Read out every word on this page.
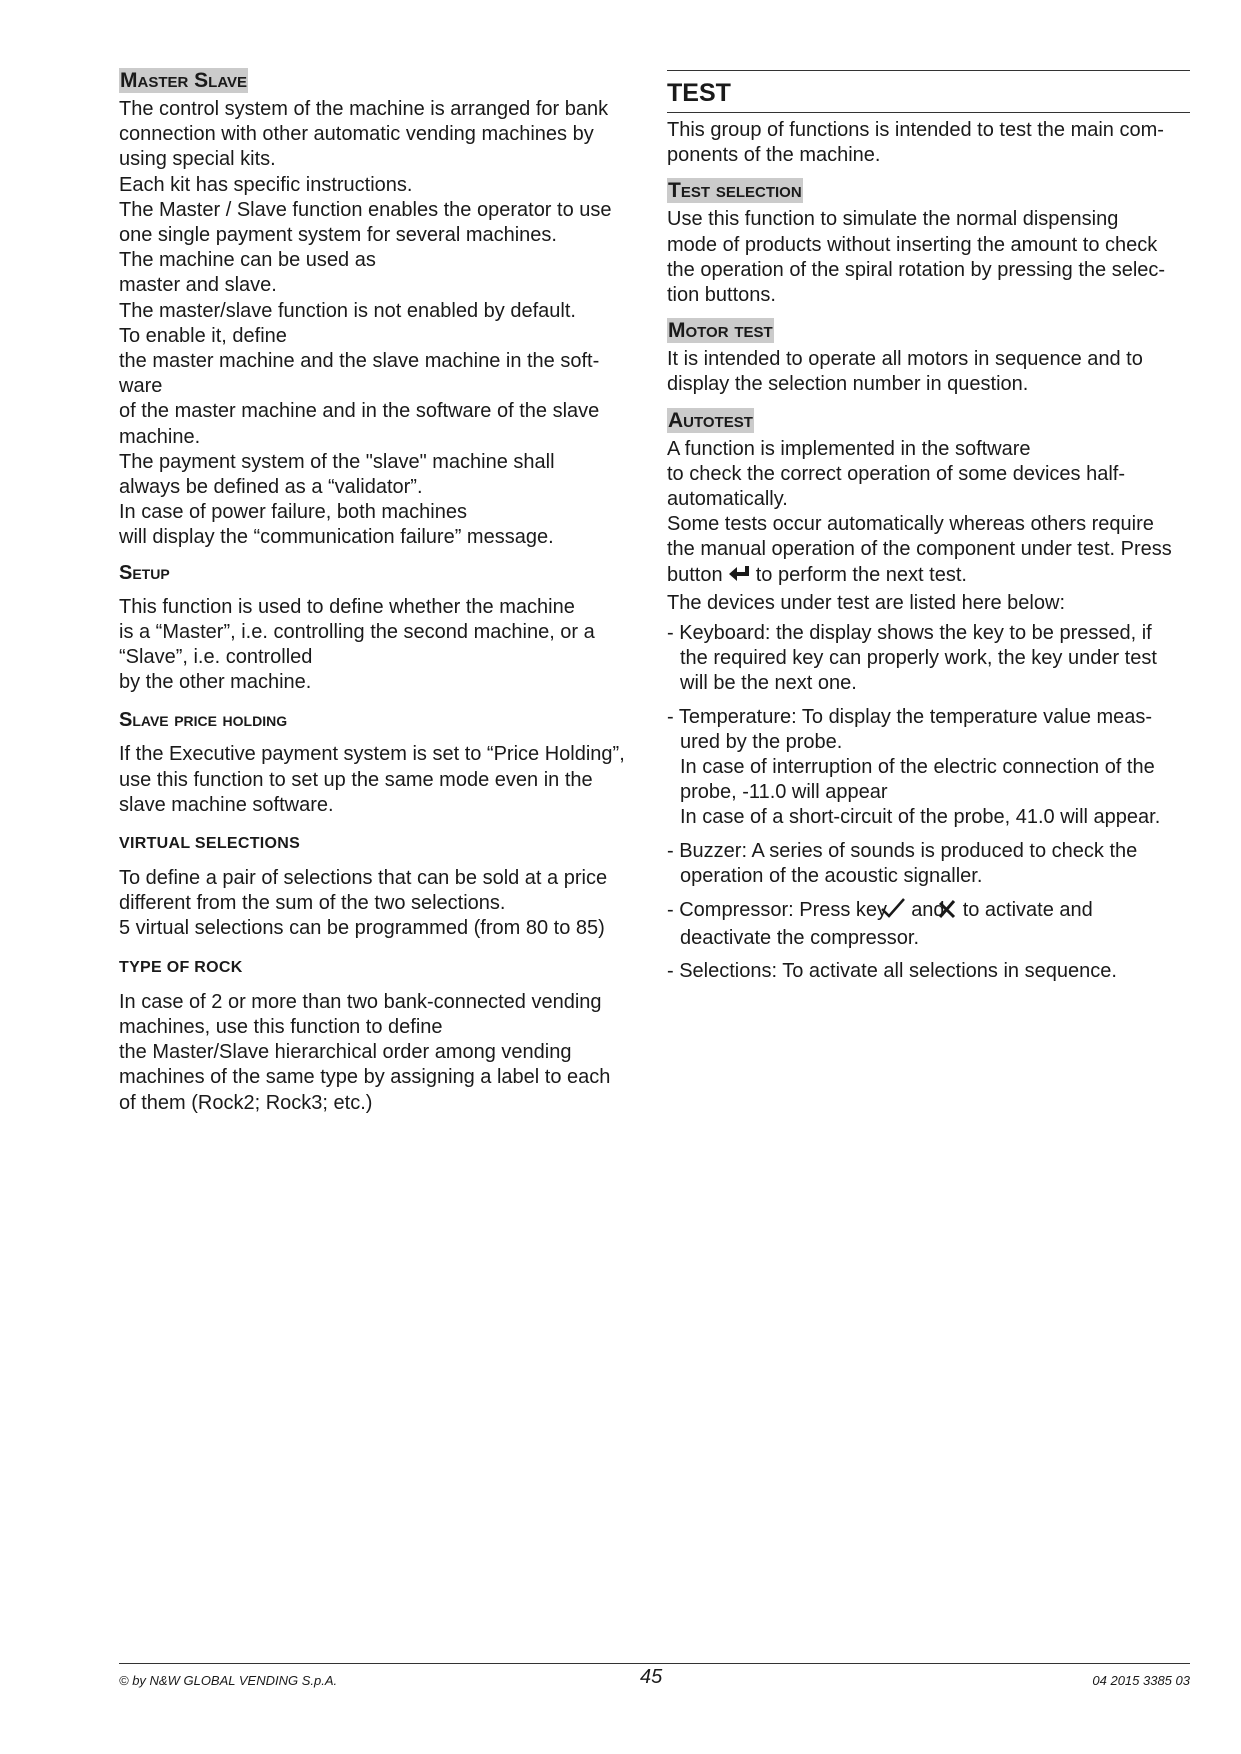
Master Slave

The control system of the machine is arranged for bank

connection with other automatic vending machines by

using special kits.

Each kit has specific instructions.

The Master / Slave function enables the operator to use

one single payment system for several machines.

The machine can be used as

master and slave.

The master/slave function is not enabled by default.

To enable it, define

the master machine and the slave machine in the soft-

ware

of the master machine and in the software of the slave

machine.

The payment system of the "slave" machine shall

always be defined as a “validator”.

In case of power failure, both machines

will display the “communication failure” message.

Setup

This function is used to define whether the machine

is a “Master”, i.e. controlling the second machine, or a

“Slave”, i.e. controlled

by the other machine.

Slave price holding

If the Executive payment system is set to “Price Holding”,

use this function to set up the same mode even in the

slave machine software.

VIRTUAL SELECTIONS

To define a pair of selections that can be sold at a price

different from the sum of the two selections.

5 virtual selections can be programmed (from 80 to 85)

TYPE OF ROCK

In case of 2 or more than two bank-connected vending

machines, use this function to define

the Master/Slave hierarchical order among vending

machines of the same type by assigning a label to each

of them (Rock2; Rock3; etc.)

TEST

This group of functions is intended to test the main com-

ponents of the machine.

Test selection

Use this function to simulate the normal dispensing

mode of products without inserting the amount to check

the operation of the spiral rotation by pressing the selec-

tion buttons.

Motor test

It is intended to operate all motors in sequence and to

display the selection number in question.

Autotest

A function is implemented in the software

to check the correct operation of some devices half-

automatically.

Some tests occur automatically whereas others require

the manual operation of the component under test. Press

button to perform the next test.

The devices under test are listed here below:

- Keyboard: the display shows the key to be pressed, if

the required key can properly work, the key under test

will be the next one.

- Temperature: To display the temperature value meas-

ured by the probe.

In case of interruption of the electric connection of the

probe, -11.0 will appear

In case of a short-circuit of the probe, 41.0 will appear.

- Buzzer: A series of sounds is produced to check the

operation of the acoustic signaller.

- Compressor: Press key and to activate and

deactivate the compressor.

- Selections: To activate all selections in sequence.

© by N&W GLOBAL VENDING S.p.A.	45	04 2015 3385 03
